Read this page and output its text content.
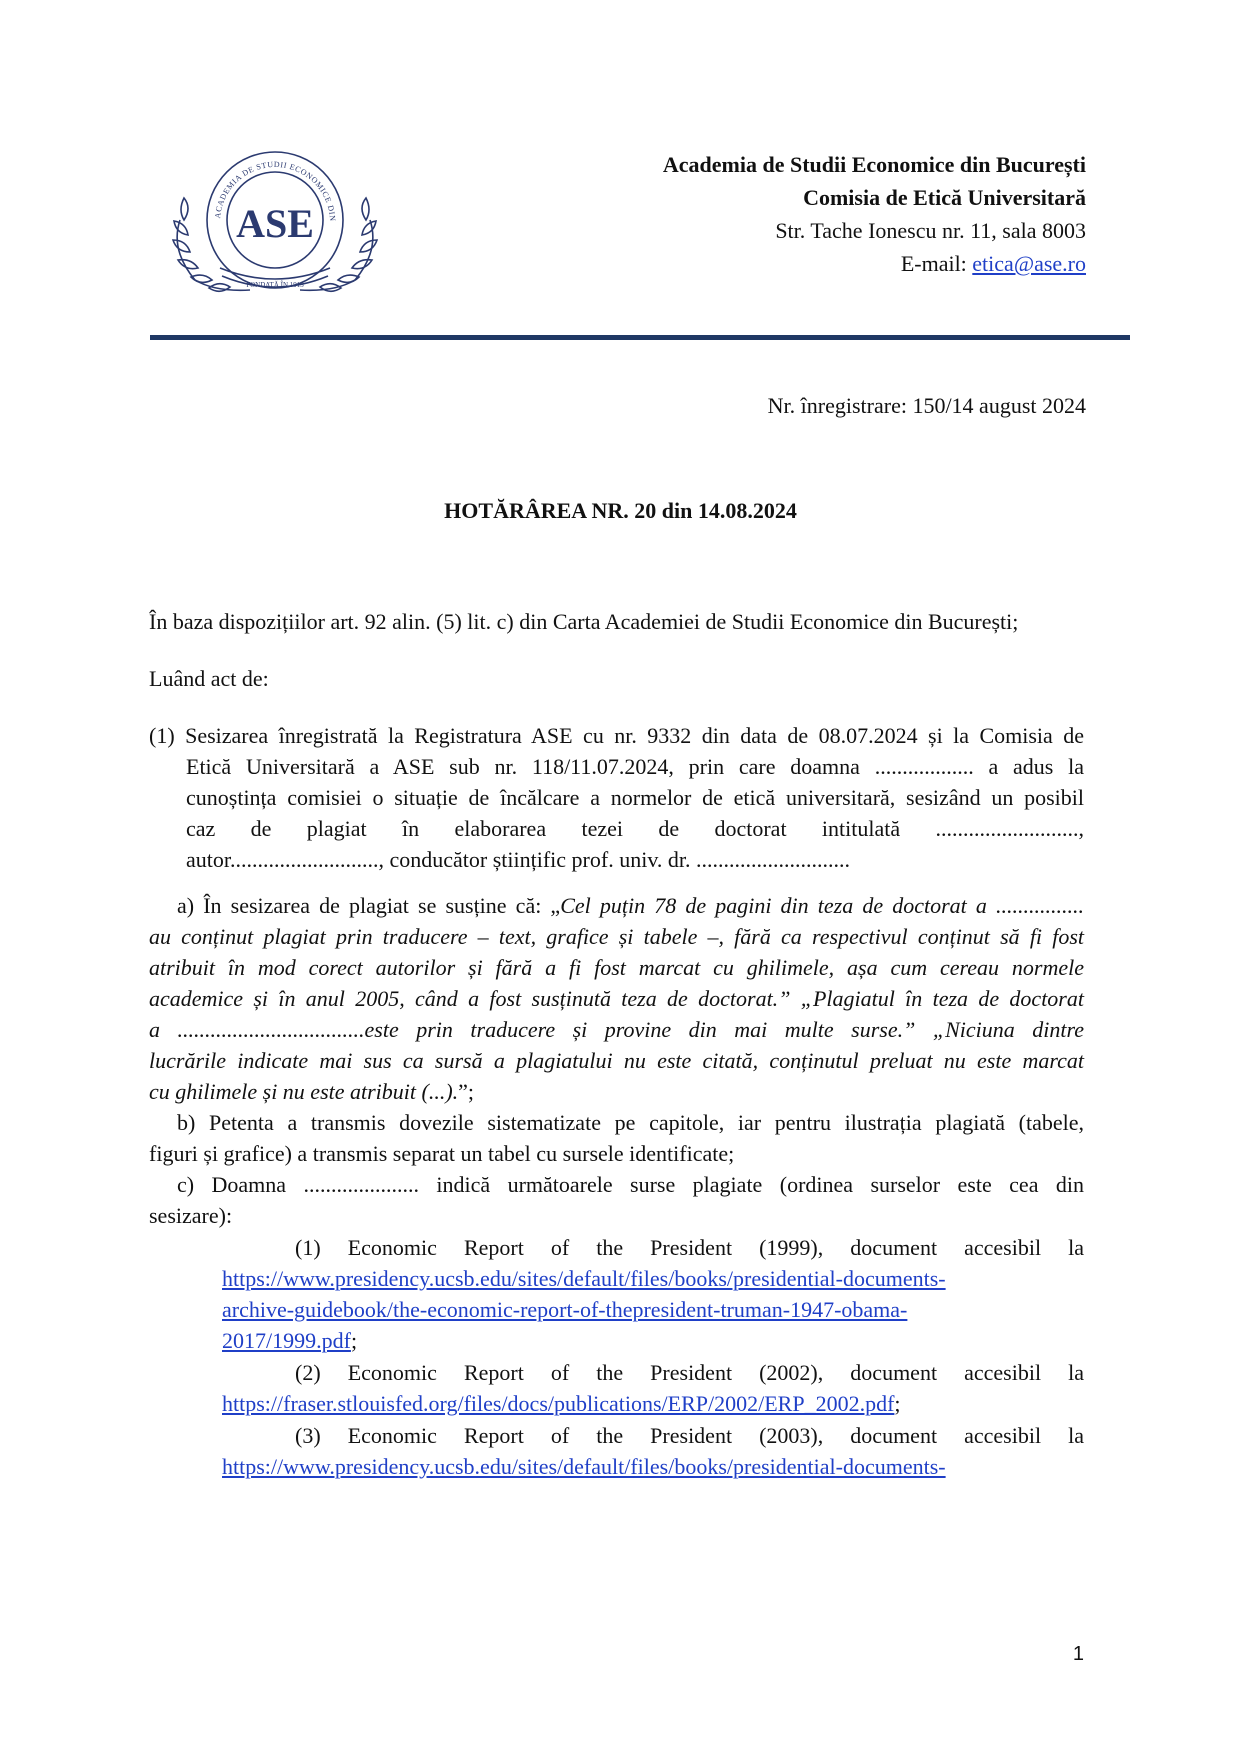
ACADEMIA DE STUDII ECONOMICE DIN
FONDATĂ ÎN 1913
ASE
Academia de Studii Economice din București
Comisia de Etică Universitară
Str. Tache Ionescu nr. 11, sala 8003
E-mail: etica@ase.ro
Nr. înregistrare: 150/14 august 2024
HOTĂRÂREA NR. 20 din 14.08.2024
În baza dispozițiilor art. 92 alin. (5) lit. c) din Carta Academiei de Studii Economice din București;
Luând act de:
(1) Sesizarea înregistrată la Registratura ASE cu nr. 9332 din data de 08.07.2024 și la Comisia de
Etică Universitară a ASE sub nr. 118/11.07.2024, prin care doamna .................. a adus la
cunoștința comisiei o situație de încălcare a normelor de etică universitară, sesizând un posibil
caz de plagiat în elaborarea tezei de doctorat intitulată ..........................,
autor..........................., conducător științific prof. univ. dr. ............................
a) În sesizarea de plagiat se susține că: „Cel puțin 78 de pagini din teza de doctorat a ................
au conținut plagiat prin traducere – text, grafice și tabele –, fără ca respectivul conținut să fi fost
atribuit în mod corect autorilor și fără a fi fost marcat cu ghilimele, așa cum cereau normele
academice și în anul 2005, când a fost susținută teza de doctorat.” „Plagiatul în teza de doctorat
a ..................................este prin traducere și provine din mai multe surse.” „Niciuna dintre
lucrările indicate mai sus ca sursă a plagiatului nu este citată, conținutul preluat nu este marcat
cu ghilimele și nu este atribuit (...).”;
b) Petenta a transmis dovezile sistematizate pe capitole, iar pentru ilustrația plagiată (tabele,
figuri și grafice) a transmis separat un tabel cu sursele identificate;
c) Doamna ..................... indică următoarele surse plagiate (ordinea surselor este cea din
sesizare):
(1) Economic Report of the President (1999), document accesibil la
https://www.presidency.ucsb.edu/sites/default/files/books/presidential-documents-
archive-guidebook/the-economic-report-of-thepresident-truman-1947-obama-
2017/1999.pdf;
(2) Economic Report of the President (2002), document accesibil la
https://fraser.stlouisfed.org/files/docs/publications/ERP/2002/ERP_2002.pdf;
(3) Economic Report of the President (2003), document accesibil la
https://www.presidency.ucsb.edu/sites/default/files/books/presidential-documents-
1
